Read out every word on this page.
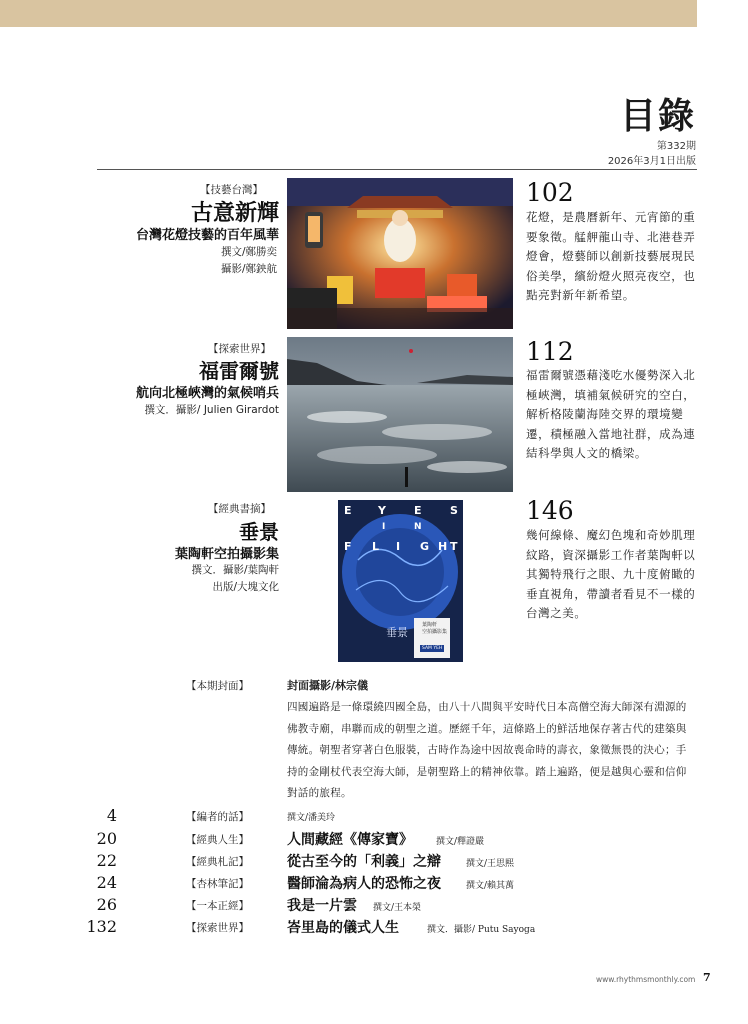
目錄
第332期
2026年3月1日出版
【技藝台灣】
古意新輝
台灣花燈技藝的百年風華
撰文/鄭勝奕
攝影/鄭鉠航
102
花燈，是農曆新年、元宵節的重要象徵。艋舺龍山寺、北港巷弄燈會，燈藝師以創新技藝展現民俗美學，繽紛燈火照亮夜空，也點亮對新年新希望。
【探索世界】
福雷爾號
航向北極峽灣的氣候哨兵
撰文．攝影/ Julien Girardot
112
福雷爾號憑藉淺吃水優勢深入北極峽灣，填補氣候研究的空白，解析格陵蘭海陸交界的環境變遷，積極融入當地社群，成為連結科學與人文的橋梁。
【經典書摘】
垂景
葉陶軒空拍攝影集
撰文．攝影/葉陶軒
出版/大塊文化
E Y	E	S
I	N
F L I G H T
葉陶軒
空拍攝影集
SAM YEH
垂景
146
幾何線條、魔幻色塊和奇妙肌理紋路，資深攝影工作者葉陶軒以其獨特飛行之眼、九十度俯瞰的垂直視角，帶讀者看見不一樣的台灣之美。
【本期封面】	封面攝影/林宗儀
四國遍路是一條環繞四國全島，由八十八間與平安時代日本高僧空海大師深有淵源的佛教寺廟，串聯而成的朝聖之道。歷經千年，這條路上的鮮活地保存著古代的建築與傳統。朝聖者穿著白色服裝，古時作為途中因故喪命時的壽衣，象徵無畏的決心；手持的金剛杖代表空海大師，是朝聖路上的精神依靠。踏上遍路，便是越與心靈和信仰對話的旅程。
4	【編者的話】	撰文/潘美玲
20	【經典人生】	人間藏經《傳家寶》	撰文/釋證嚴
22	【經典札記】	從古至今的「利義」之辯	撰文/王思熙
24	【杏林筆記】	醫師淪為病人的恐怖之夜	撰文/賴其萬
26	【一本正經】	我是一片雲 撰文/王本榮
132	【探索世界】	峇里島的儀式人生	撰文．攝影/ Putu Sayoga
www.rhythmsmonthly.com 7
